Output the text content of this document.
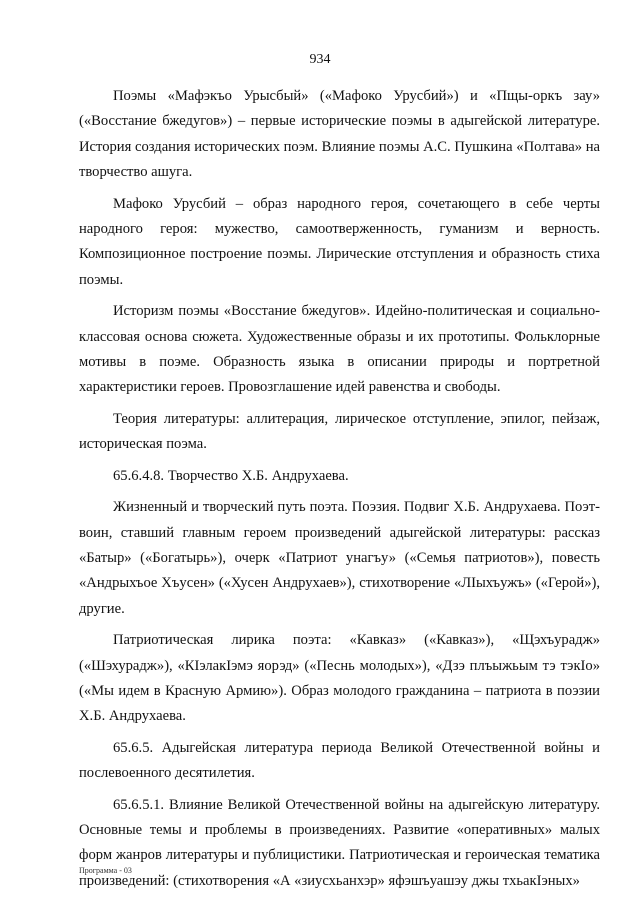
934

Поэмы «Мафэкъо Урысбый» («Мафоко Урусбий») и «Пщы-оркъ зау» («Восстание бжедугов») – первые исторические поэмы в адыгейской литературе. История создания исторических поэм. Влияние поэмы А.С. Пушкина «Полтава» на творчество ашуга.

Мафоко Урусбий – образ народного героя, сочетающего в себе черты народного героя: мужество, самоотверженность, гуманизм и верность. Композиционное построение поэмы. Лирические отступления и образность стиха поэмы.

Историзм поэмы «Восстание бжедугов». Идейно-политическая и социально-классовая основа сюжета. Художественные образы и их прототипы. Фольклорные мотивы в поэме. Образность языка в описании природы и портретной характеристики героев. Провозглашение идей равенства и свободы.

Теория литературы: аллитерация, лирическое отступление, эпилог, пейзаж, историческая поэма.

65.6.4.8. Творчество Х.Б. Андрухаева.

Жизненный и творческий путь поэта. Поэзия. Подвиг Х.Б. Андрухаева. Поэт-воин, ставший главным героем произведений адыгейской литературы: рассказ «Батыр» («Богатырь»), очерк «Патриот унагъу» («Семья патриотов»), повесть «Андрыхъое Хъусен» («Хусен Андрухаев»), стихотворение «ЛІыхъужъ» («Герой»), другие.

Патриотическая лирика поэта: «Кавказ» («Кавказ»), «Щэхъурадж» («Шэхурадж»), «КІэлакІэмэ яорэд» («Песнь молодых»), «Дзэ плъыжьым тэ тэкІо» («Мы идем в Красную Армию»). Образ молодого гражданина – патриота в поэзии Х.Б. Андрухаева.

65.6.5. Адыгейская литература периода Великой Отечественной войны и послевоенного десятилетия.

65.6.5.1. Влияние Великой Отечественной войны на адыгейскую литературу. Основные темы и проблемы в произведениях. Развитие «оперативных» малых форм жанров литературы и публицистики. Патриотическая и героическая тематика произведений: (стихотворения «А «зиусхьанхэр» яфэшъуашэу джы тхьакІэных»

Программа - 03
